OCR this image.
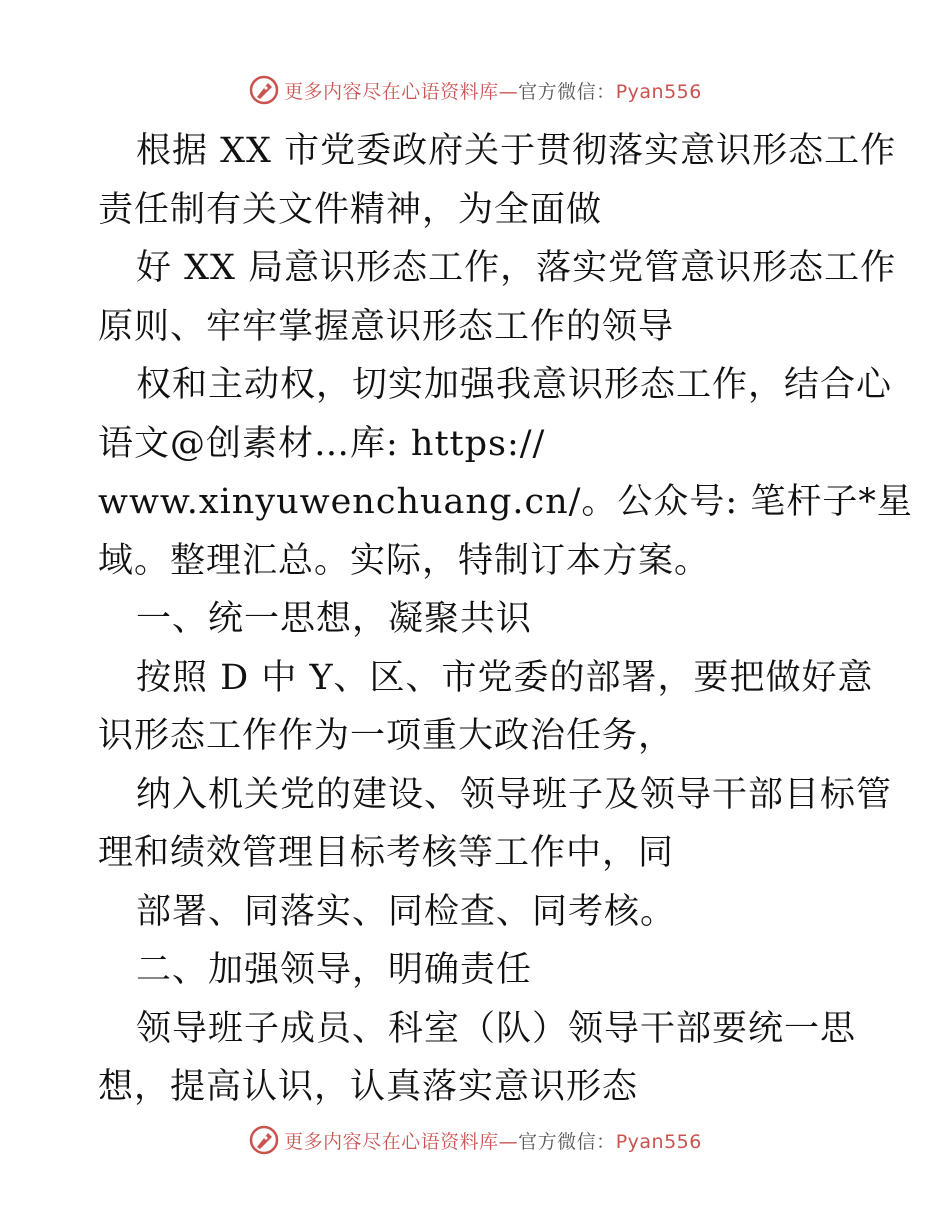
更多内容尽在心语资料库—官方微信：Pyan556
根据 XX 市党委政府关于贯彻落实意识形态工作
责任制有关文件精神，为全面做
好 XX 局意识形态工作，落实党管意识形态工作
原则、牢牢掌握意识形态工作的领导
权和主动权，切实加强我意识形态工作，结合心
语文@创素材…库: https://
www.xinyuwenchuang.cn/。公众号: 笔杆子*星
域。整理汇总。实际，特制订本方案。
一、统一思想，凝聚共识
按照 D 中 Y、区、市党委的部署，要把做好意
识形态工作作为一项重大政治任务，
纳入机关党的建设、领导班子及领导干部目标管
理和绩效管理目标考核等工作中，同
部署、同落实、同检查、同考核。
二、加强领导，明确责任
领导班子成员、科室（队）领导干部要统一思
想，提高认识，认真落实意识形态
更多内容尽在心语资料库—官方微信：Pyan556
